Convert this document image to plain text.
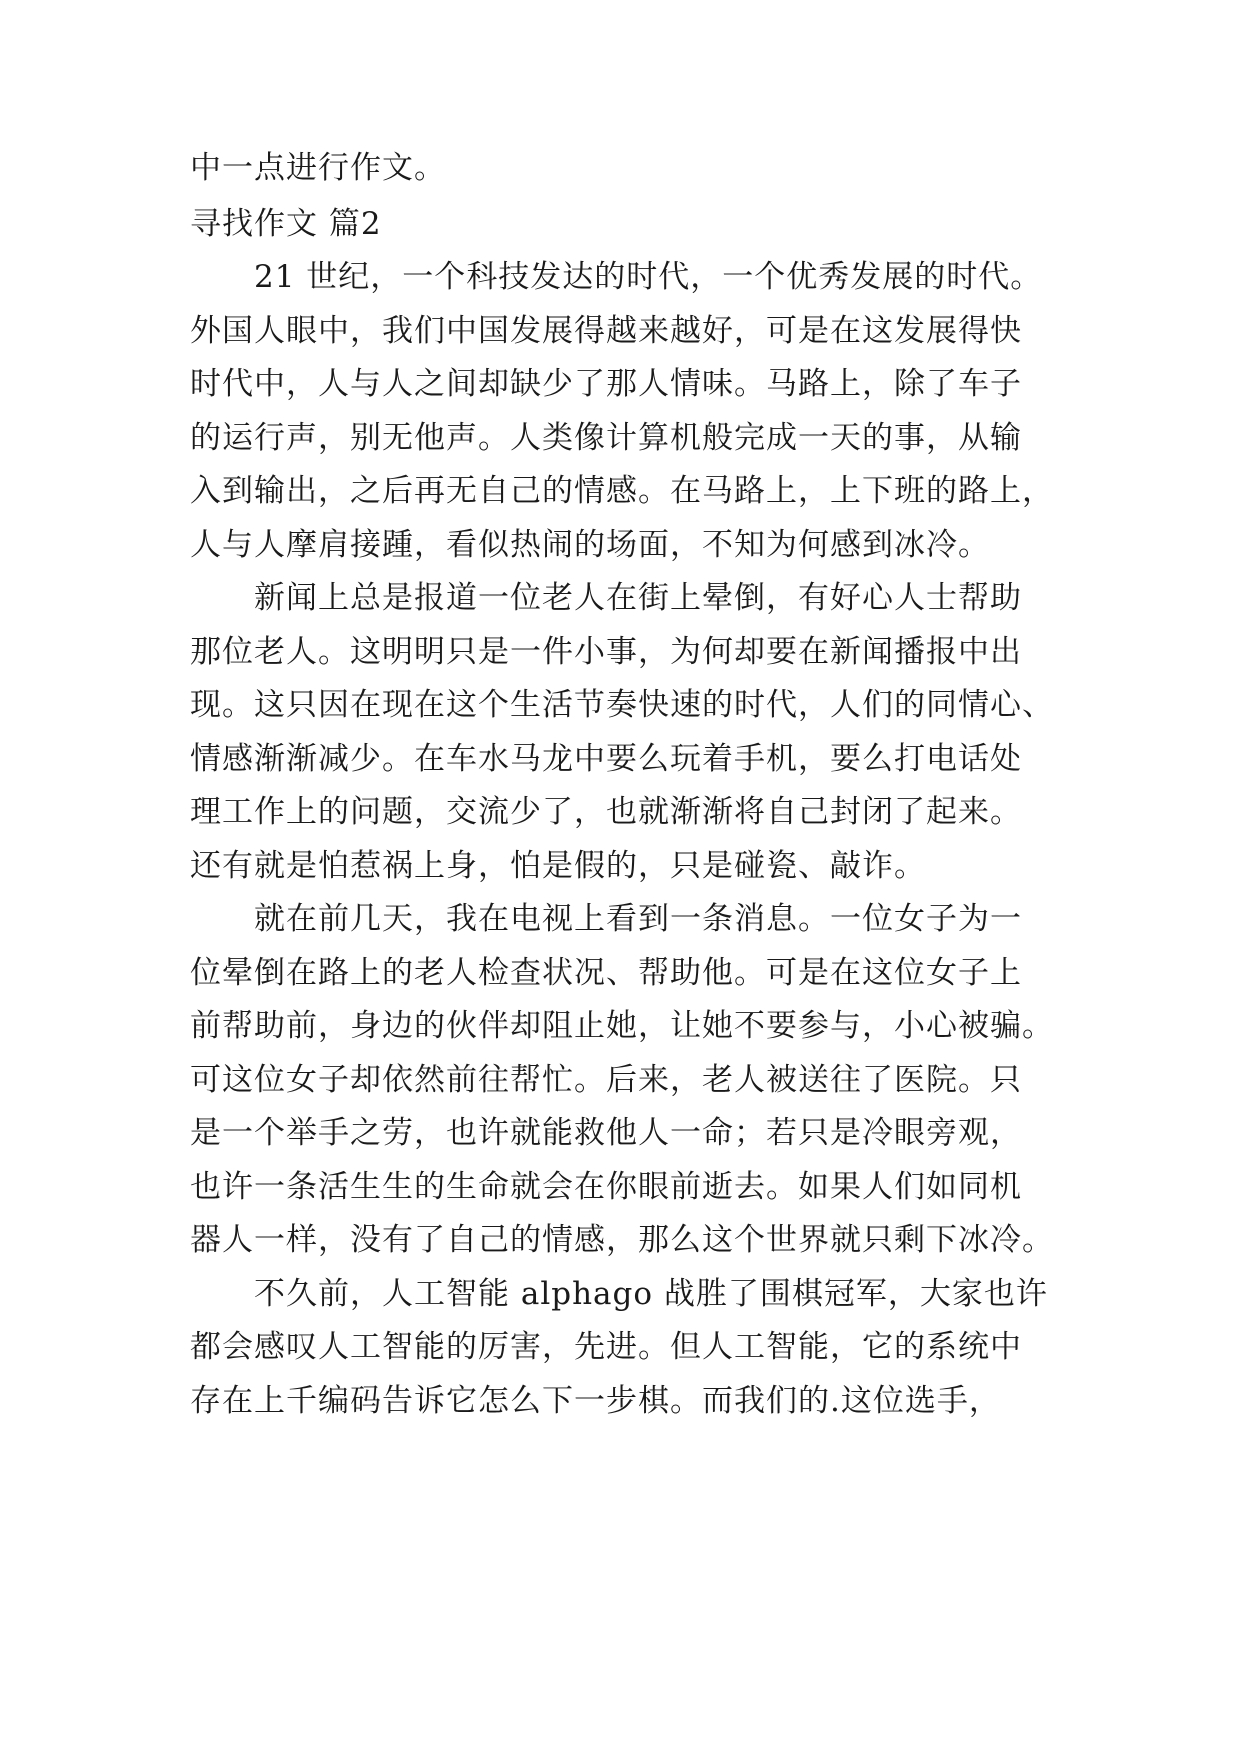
中一点进行作文。
寻找作文 篇2
21 世纪，一个科技发达的时代，一个优秀发展的时代。
外国人眼中，我们中国发展得越来越好，可是在这发展得快
时代中，人与人之间却缺少了那人情味。马路上，除了车子
的运行声，别无他声。人类像计算机般完成一天的事，从输
入到输出，之后再无自己的情感。在马路上，上下班的路上，
人与人摩肩接踵，看似热闹的场面，不知为何感到冰冷。
新闻上总是报道一位老人在街上晕倒，有好心人士帮助
那位老人。这明明只是一件小事，为何却要在新闻播报中出
现。这只因在现在这个生活节奏快速的时代，人们的同情心、
情感渐渐减少。在车水马龙中要么玩着手机，要么打电话处
理工作上的问题，交流少了，也就渐渐将自己封闭了起来。
还有就是怕惹祸上身，怕是假的，只是碰瓷、敲诈。
就在前几天，我在电视上看到一条消息。一位女子为一
位晕倒在路上的老人检查状况、帮助他。可是在这位女子上
前帮助前，身边的伙伴却阻止她，让她不要参与，小心被骗。
可这位女子却依然前往帮忙。后来，老人被送往了医院。只
是一个举手之劳，也许就能救他人一命；若只是冷眼旁观，
也许一条活生生的生命就会在你眼前逝去。如果人们如同机
器人一样，没有了自己的情感，那么这个世界就只剩下冰冷。
不久前，人工智能 alphago 战胜了围棋冠军，大家也许
都会感叹人工智能的厉害，先进。但人工智能，它的系统中
存在上千编码告诉它怎么下一步棋。而我们的.这位选手，
